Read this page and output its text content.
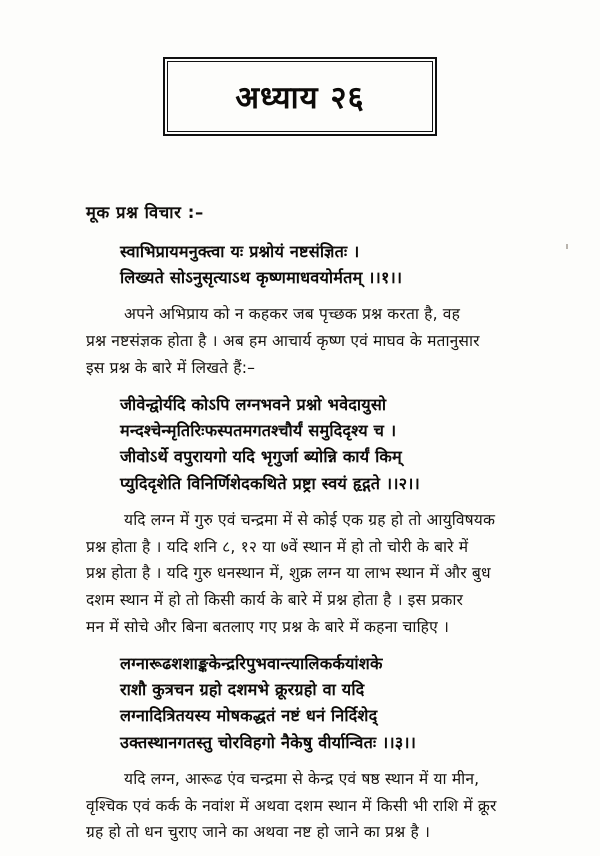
अध्याय २६
मूक प्रश्न विचार :–
स्वाभिप्रायमनुक्त्वा यः प्रश्नोयं नष्टसंज्ञितः ।
लिख्यते सोऽनुसृत्याऽथ कृष्णमाधवयोर्मतम् ।।१।।

अपने अभिप्राय को न कहकर जब पृच्छक प्रश्न करता है, वह

प्रश्न नष्टसंज्ञक होता है । अब हम आचार्य कृष्ण एवं माघव के मतानुसार

इस प्रश्न के बारे में लिखते हैं:–

जीवेन्द्वोर्यदि कोऽपि लग्नभवने प्रश्नो भवेदायुसो
मन्दश्चेन्मृतिरिःफस्पतमगतश्चौर्यं समुदिदृश्य च ।
जीवोऽर्थे वपुरायगो यदि भृगुर्जा ब्योन्नि कार्यं किम्
प्युदिदृशेति विनिर्णिशेदकथिते प्रष्ट्रा स्वयं हृद्गते ।।२।।

यदि लग्न में गुरु एवं चन्द्रमा में से कोई एक ग्रह हो तो आयुविषयक

प्रश्न होता है । यदि शनि ८, १२ या ७वें स्थान में हो तो चोरी के बारे में

प्रश्न होता है । यदि गुरु धनस्थान में, शुक्र लग्न या लाभ स्थान में और बुध

दशम स्थान में हो तो किसी कार्य के बारे में प्रश्न होता है । इस प्रकार

मन में सोचे और बिना बतलाए गए प्रश्न के बारे में कहना चाहिए ।

लग्नारूढशशाङ्ककेन्द्ररिपुभवान्त्यालिकर्कयांशके
राशौ कुत्रचन ग्रहो दशमभे क्रूरग्रहो वा यदि
लग्नादित्रितयस्य मोषकद्धतं नष्टं धनं निर्दिशेद्
उक्तस्थानगतस्तु चोरविहगो नैकेषु वीर्यान्वितः ।।३।।

यदि लग्न, आरूढ एंव चन्द्रमा से केन्द्र एवं षष्ठ स्थान में या मीन,

वृश्चिक एवं कर्क के नवांश में अथवा दशम स्थान में किसी भी राशि में क्रूर

ग्रह हो तो धन चुराए जाने का अथवा नष्ट हो जाने का प्रश्न है ।
